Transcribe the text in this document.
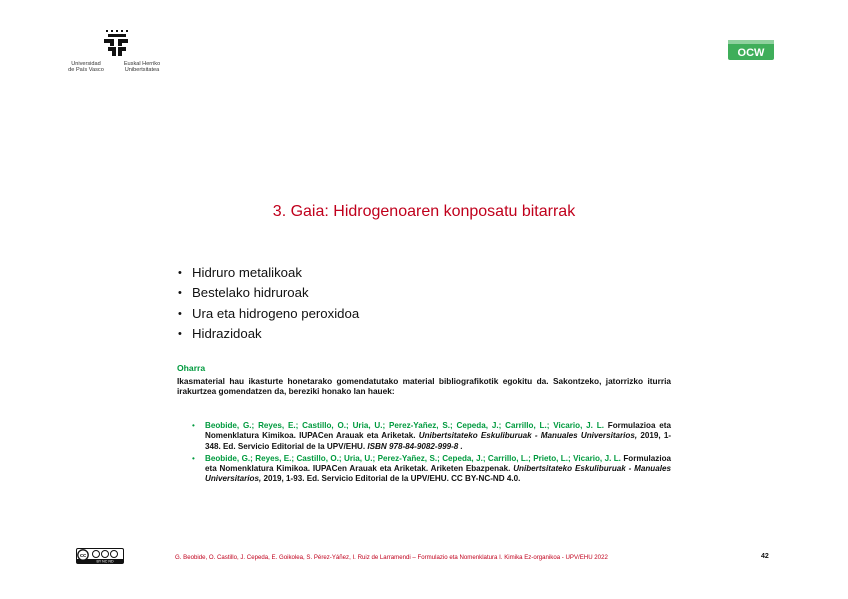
Universidad
de País Vasco
Euskal Herriko
Unibertsitatea
OCW
3. Gaia: Hidrogenoaren konposatu bitarrak
• Hidruro metalikoak
• Bestelako hidruroak
• Ura eta hidrogeno peroxidoa
• Hidrazidoak
Oharra
Ikasmaterial hau ikasturte honetarako gomendatutako material bibliografikotik egokitu da. Sakontzeko, jatorrizko iturria irakurtzea gomendatzen da, bereziki honako lan hauek:
• Beobide, G.; Reyes, E.; Castillo, O.; Uria, U.; Perez-Yañez, S.; Cepeda, J.; Carrillo, L.; Vicario, J. L. Formulazioa eta Nomenklatura Kimikoa. IUPACen Arauak eta Ariketak. Unibertsitateko Eskuliburuak - Manuales Universitarios, 2019, 1-348. Ed. Servicio Editorial de la UPV/EHU. ISBN 978-84-9082-999-8 .
• Beobide, G.; Reyes, E.; Castillo, O.; Uria, U.; Perez-Yañez, S.; Cepeda, J.; Carrillo, L.; Prieto, L.; Vicario, J. L. Formulazioa eta Nomenklatura Kimikoa. IUPACen Arauak eta Ariketak. Ariketen Ebazpenak. Unibertsitateko Eskuliburuak - Manuales Universitarios, 2019, 1-93. Ed. Servicio Editorial de la UPV/EHU. CC BY-NC-ND 4.0.
cc
BY NC ND
G. Beobide, O. Castillo, J. Cepeda, E. Goikolea, S. Pérez-Yáñez, I. Ruiz de Larramendi – Formulazio eta Nomenklatura I. Kimika Ez-organikoa - UPV/EHU 2022	42
